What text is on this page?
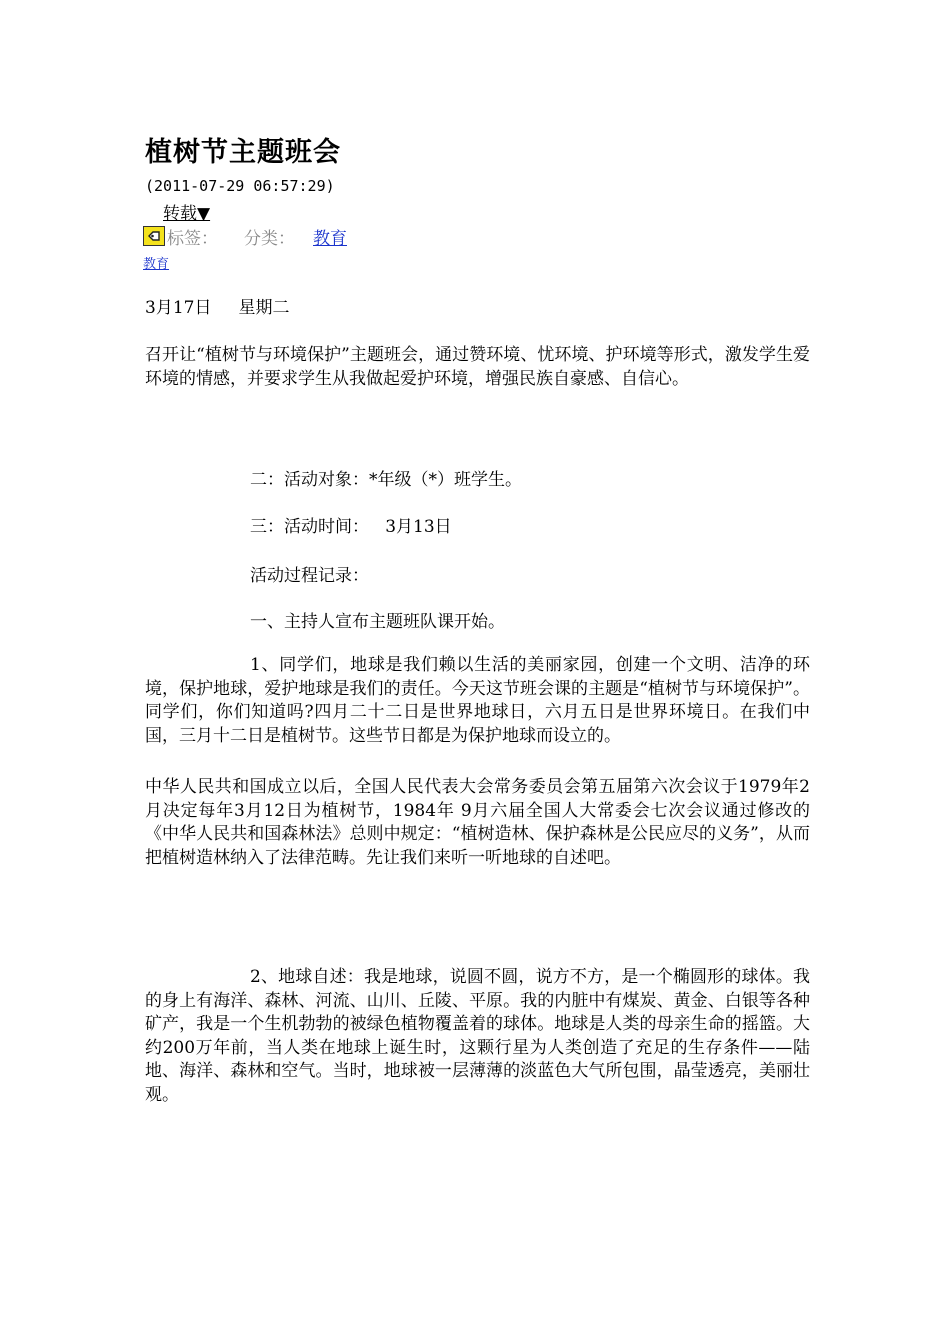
植树节主题班会
(2011-07-29 06:57:29)
转载▼
标签： 分类： 教育
教育
3月17日     星期二

召开让“植树节与环境保护”主题班会，通过赞环境、忧环境、护环境等形式，激发学生爱环境的情感，并要求学生从我做起爱护环境，增强民族自豪感、自信心。

二：活动对象：*年级（*）班学生。
三：活动时间：   3月13日
活动过程记录：
一、主持人宣布主题班队课开始。

1、同学们，地球是我们赖以生活的美丽家园，创建一个文明、洁净的环境，保护地球，爱护地球是我们的责任。今天这节班会课的主题是“植树节与环境保护”。同学们，你们知道吗?四月二十二日是世界地球日，六月五日是世界环境日。在我们中国，三月十二日是植树节。这些节日都是为保护地球而设立的。

中华人民共和国成立以后，全国人民代表大会常务委员会第五届第六次会议于1979年2月决定每年3月12日为植树节，1984年 9月六届全国人大常委会七次会议通过修改的《中华人民共和国森林法》总则中规定：“植树造林、保护森林是公民应尽的义务”，从而把植树造林纳入了法律范畴。先让我们来听一听地球的自述吧。

2、地球自述：我是地球，说圆不圆，说方不方，是一个椭圆形的球体。我的身上有海洋、森林、河流、山川、丘陵、平原。我的内脏中有煤炭、黄金、白银等各种矿产，我是一个生机勃勃的被绿色植物覆盖着的球体。地球是人类的母亲生命的摇篮。大约200万年前，当人类在地球上诞生时，这颗行星为人类创造了充足的生存条件——陆地、海洋、森林和空气。当时，地球被一层薄薄的淡蓝色大气所包围，晶莹透亮，美丽壮观。
